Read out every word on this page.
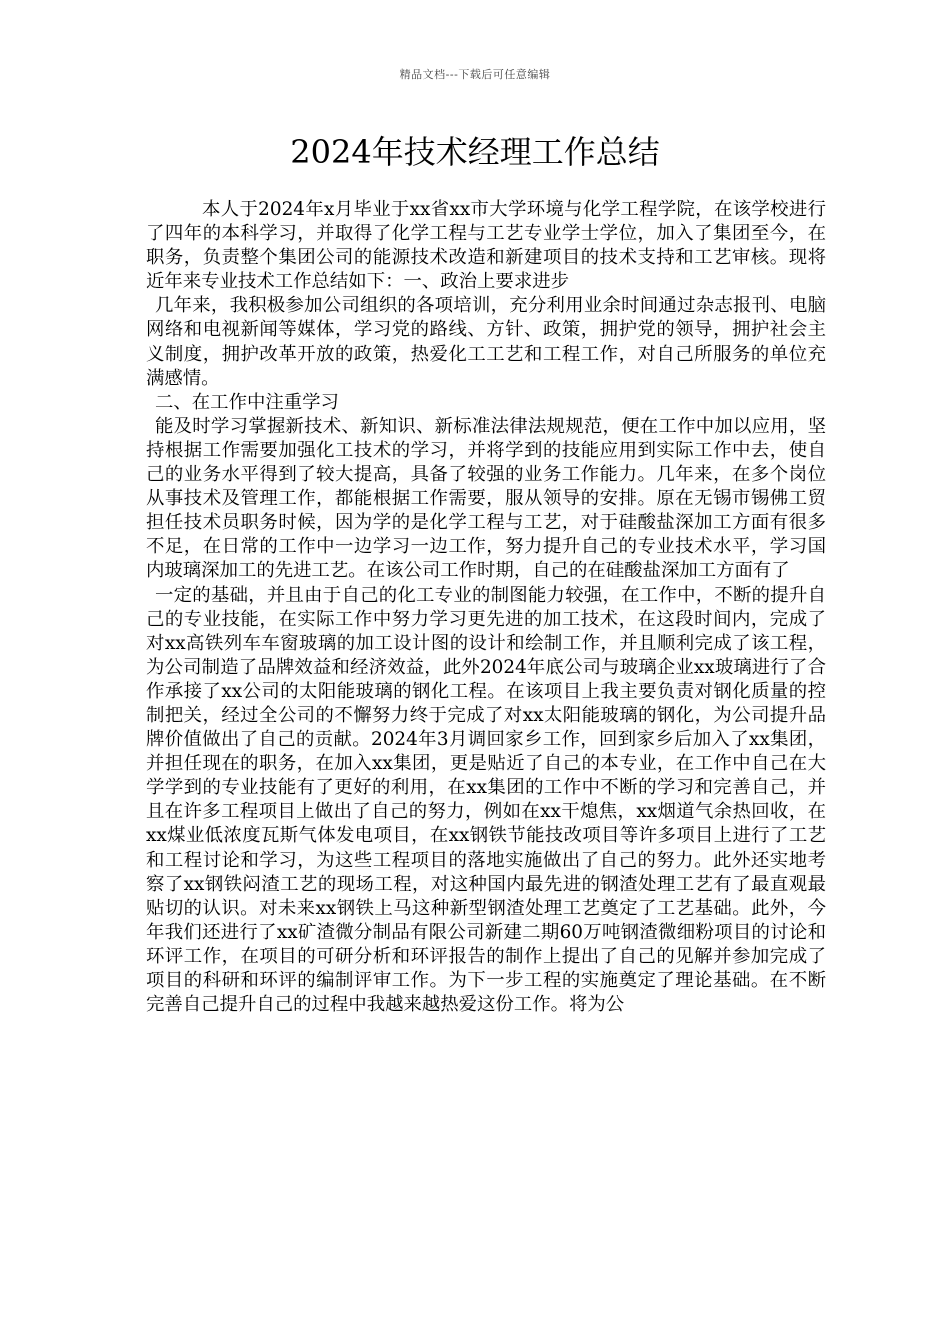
精品文档---下载后可任意编辑
2024年技术经理工作总结

本人于2024年x月毕业于xx省xx市大学环境与化学工程学院，在该学校进行了四年的本科学习，并取得了化学工程与工艺专业学士学位，加入了集团至今，在职务，负责整个集团公司的能源技术改造和新建项目的技术支持和工艺审核。现将近年来专业技术工作总结如下：一、政治上要求进步

几年来，我积极参加公司组织的各项培训，充分利用业余时间通过杂志报刊、电脑网络和电视新闻等媒体，学习党的路线、方针、政策，拥护党的领导，拥护社会主义制度，拥护改革开放的政策，热爱化工工艺和工程工作，对自己所服务的单位充满感情。

二、在工作中注重学习

能及时学习掌握新技术、新知识、新标准法律法规规范，便在工作中加以应用，坚持根据工作需要加强化工技术的学习，并将学到的技能应用到实际工作中去，使自己的业务水平得到了较大提高，具备了较强的业务工作能力。几年来，在多个岗位从事技术及管理工作，都能根据工作需要，服从领导的安排。原在无锡市锡佛工贸担任技术员职务时候，因为学的是化学工程与工艺，对于硅酸盐深加工方面有很多不足，在日常的工作中一边学习一边工作，努力提升自己的专业技术水平，学习国内玻璃深加工的先进工艺。在该公司工作时期，自己的在硅酸盐深加工方面有了

一定的基础，并且由于自己的化工专业的制图能力较强，在工作中，不断的提升自己的专业技能，在实际工作中努力学习更先进的加工技术，在这段时间内，完成了对xx高铁列车车窗玻璃的加工设计图的设计和绘制工作，并且顺利完成了该工程，为公司制造了品牌效益和经济效益，此外2024年底公司与玻璃企业xx玻璃进行了合作承接了xx公司的太阳能玻璃的钢化工程。在该项目上我主要负责对钢化质量的控制把关，经过全公司的不懈努力终于完成了对xx太阳能玻璃的钢化，为公司提升品牌价值做出了自己的贡献。2024年3月调回家乡工作，回到家乡后加入了xx集团，并担任现在的职务，在加入xx集团，更是贴近了自己的本专业，在工作中自己在大学学到的专业技能有了更好的利用，在xx集团的工作中不断的学习和完善自己，并且在许多工程项目上做出了自己的努力，例如在xx干熄焦，xx烟道气余热回收，在xx煤业低浓度瓦斯气体发电项目，在xx钢铁节能技改项目等许多项目上进行了工艺和工程讨论和学习，为这些工程项目的落地实施做出了自己的努力。此外还实地考察了xx钢铁闷渣工艺的现场工程，对这种国内最先进的钢渣处理工艺有了最直观最贴切的认识。对未来xx钢铁上马这种新型钢渣处理工艺奠定了工艺基础。此外，今年我们还进行了xx矿渣微分制品有限公司新建二期60万吨钢渣微细粉项目的讨论和环评工作，在项目的可研分析和环评报告的制作上提出了自己的见解并参加完成了项目的科研和环评的编制评审工作。为下一步工程的实施奠定了理论基础。在不断完善自己提升自己的过程中我越来越热爱这份工作。将为公
